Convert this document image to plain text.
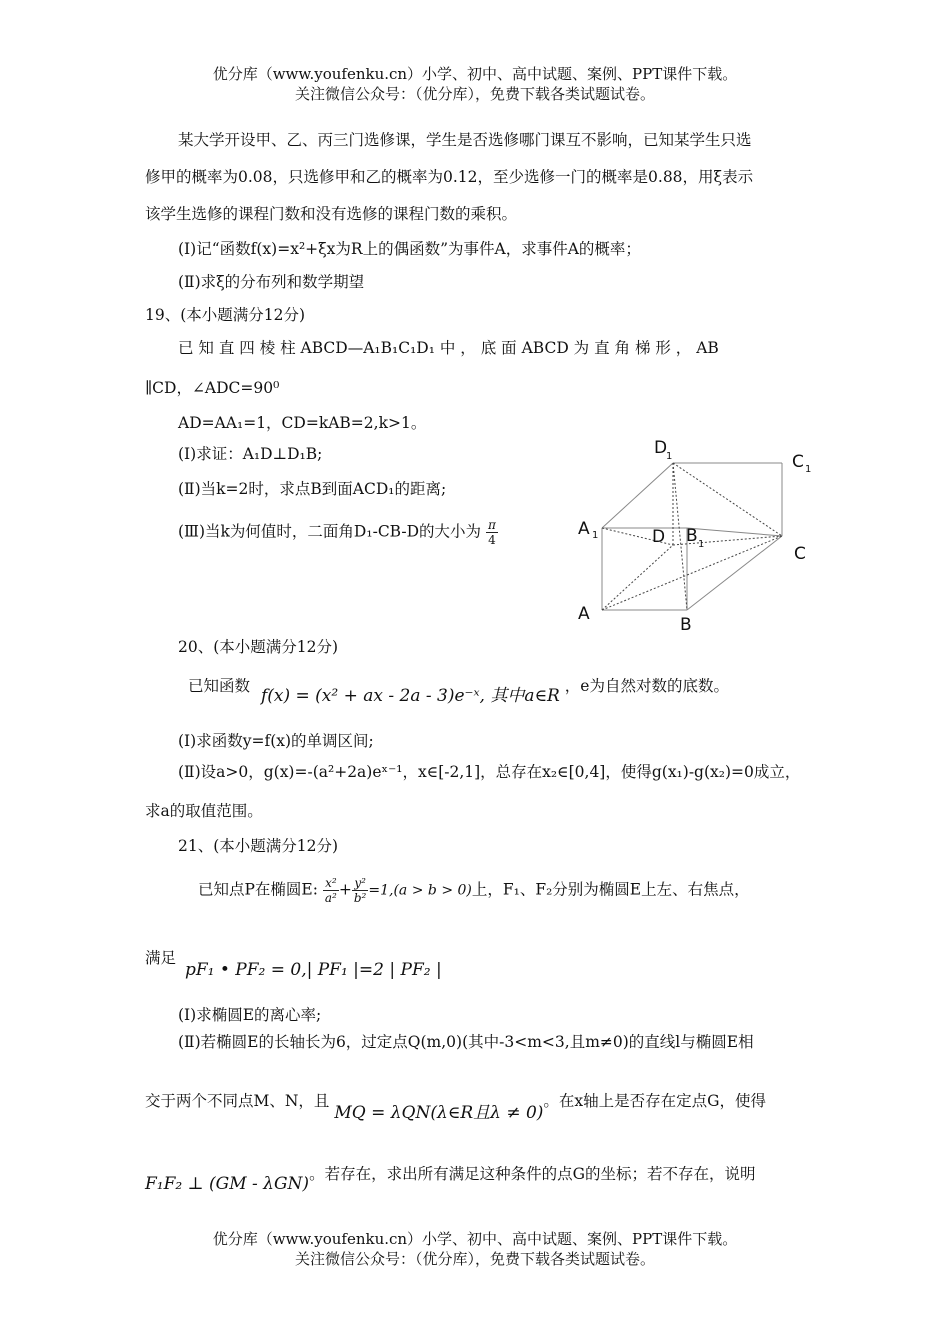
优分库（www.youfenku.cn）小学、初中、高中试题、案例、PPT课件下载。
关注微信公众号：（优分库），免费下载各类试题试卷。
某大学开设甲、乙、丙三门选修课，学生是否选修哪门课互不影响，已知某学生只选
修甲的概率为0.08，只选修甲和乙的概率为0.12，至少选修一门的概率是0.88，用ξ表示
该学生选修的课程门数和没有选修的课程门数的乘积。
(Ⅰ)记“函数f(x)=x²+ξx为R上的偶函数”为事件A，求事件A的概率；
(Ⅱ)求ξ的分布列和数学期望
19、(本小题满分12分)
已 知 直 四 棱 柱 ABCD—A₁B₁C₁D₁ 中 ， 底 面 ABCD 为 直 角 梯 形 ， AB
∥CD，∠ADC=90⁰
AD=AA₁=1，CD=kAB=2,k>1。
(Ⅰ)求证：A₁D⊥D₁B;
(Ⅱ)当k=2时，求点B到面ACD₁的距离;
(Ⅲ)当k为何值时，二面角D₁-CB-D的大小为 $\frac{\pi}{4}$
D
1	C 1
A 1	D B 1	C
A
B
20、(本小题满分12分)
已知函数 f(x) = (x² + ax - 2a - 3)e⁻ˣ, 其中a∈R ，e为自然对数的底数。
(Ⅰ)求函数y=f(x)的单调区间;
(Ⅱ)设a>0，g(x)=-(a²+2a)eˣ⁻¹，x∈[-2,1]，总存在x₂∈[0,4]，使得g(x₁)-g(x₂)=0成立，
求a的取值范围。
21、(本小题满分12分)
已知点P在椭圆E: $\frac{\text{x²}}{\text{a²}} + \frac{\text{y²}}{\text{b²}} =1,(a > b > 0)$上，F₁、F₂分别为椭圆E上左、右焦点，
满足 pF₁ • PF₂ = 0,| PF₁ |=2 | PF₂ |
(Ⅰ)求椭圆E的离心率;
(Ⅱ)若椭圆E的长轴长为6，过定点Q(m,0)(其中-3<m<3,且m≠0)的直线l与椭圆E相
交于两个不同点M、N，且 MQ = λQN(λ∈R且λ ≠ 0)。在x轴上是否存在定点G，使得
F₁F₂ ⊥ (GM - λGN)。若存在，求出所有满足这种条件的点G的坐标；若不存在，说明
优分库（www.youfenku.cn）小学、初中、高中试题、案例、PPT课件下载。
关注微信公众号：（优分库），免费下载各类试题试卷。
